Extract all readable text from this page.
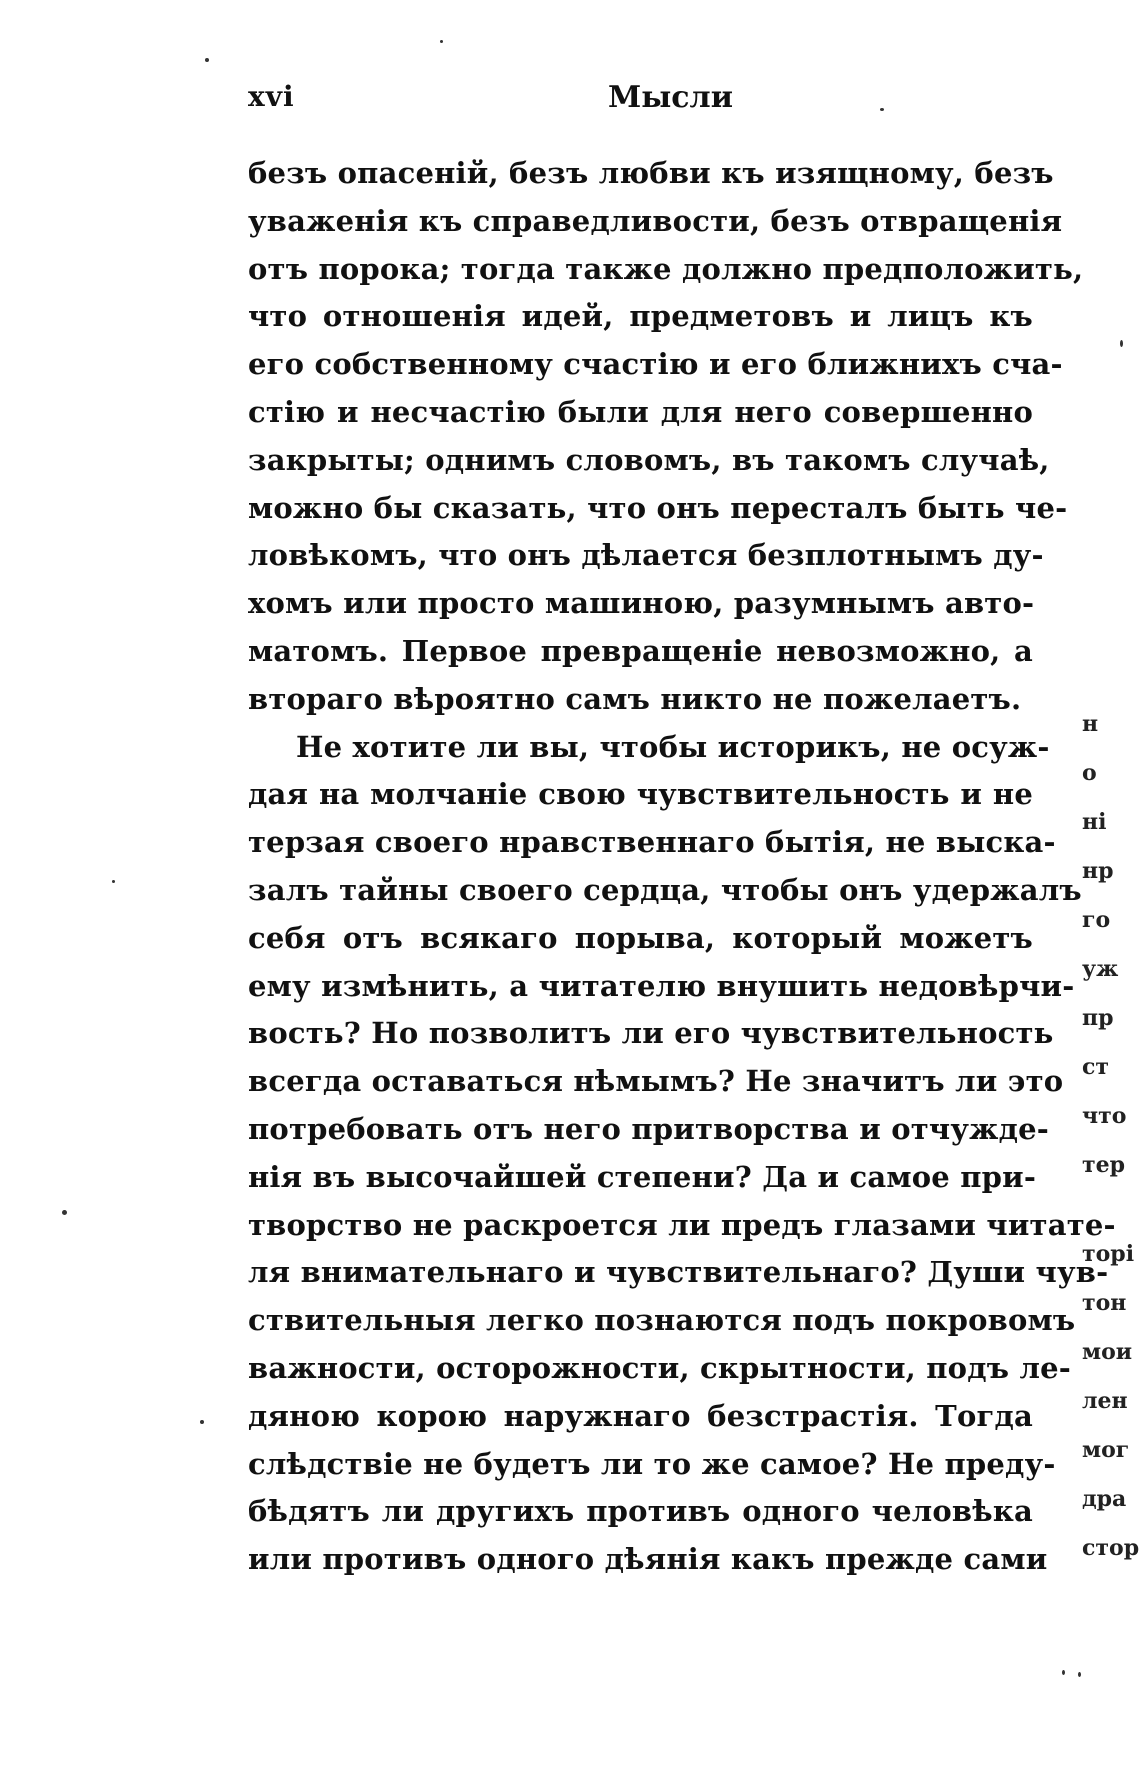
xvi	Мысли
безъ опасеній, безъ любви къ изящному, безъ
уваженія къ справедливости, безъ отвращенія
отъ порока; тогда также должно предположить,
что отношенія идей, предметовъ и лицъ къ
его собственному счастію и его ближнихъ сча-
стію и несчастію были для него совершенно
закрыты; однимъ словомъ, въ такомъ случаѣ,
можно бы сказать, что онъ пересталъ быть че-
ловѣкомъ, что онъ дѣлается безплотнымъ ду-
хомъ или просто машиною, разумнымъ авто-
матомъ. Первое превращеніе невозможно, а
втораго вѣроятно самъ никто не пожелаетъ.
Не хотите ли вы, чтобы историкъ, не осуж-
дая на молчаніе свою чувствительность и не
терзая своего нравственнаго бытія, не выска-
залъ тайны своего сердца, чтобы онъ удержалъ
себя отъ всякаго порыва, который можетъ
ему измѣнить, а читателю внушить недовѣрчи-
вость? Но позволитъ ли его чувствительность
всегда оставаться нѣмымъ? Не значитъ ли это
потребовать отъ него притворства и отчужде-
нія въ высочайшей степени? Да и самое при-
творство не раскроется ли предъ глазами читате-
ля внимательнаго и чувствительнаго? Души чув-
ствительныя легко познаются подъ покровомъ
важности, осторожности, скрытности, подъ ле-
дяною корою наружнаго безстрастія. Тогда
слѣдствіе не будетъ ли то же самое? Не преду-
бѣдятъ ли другихъ противъ одного человѣка
или противъ одного дѣянія какъ прежде сами
н
о
ні
нр
го
уж
пр
ст
что
тер
торі
тон
мои
лен
мог
дра
стор
